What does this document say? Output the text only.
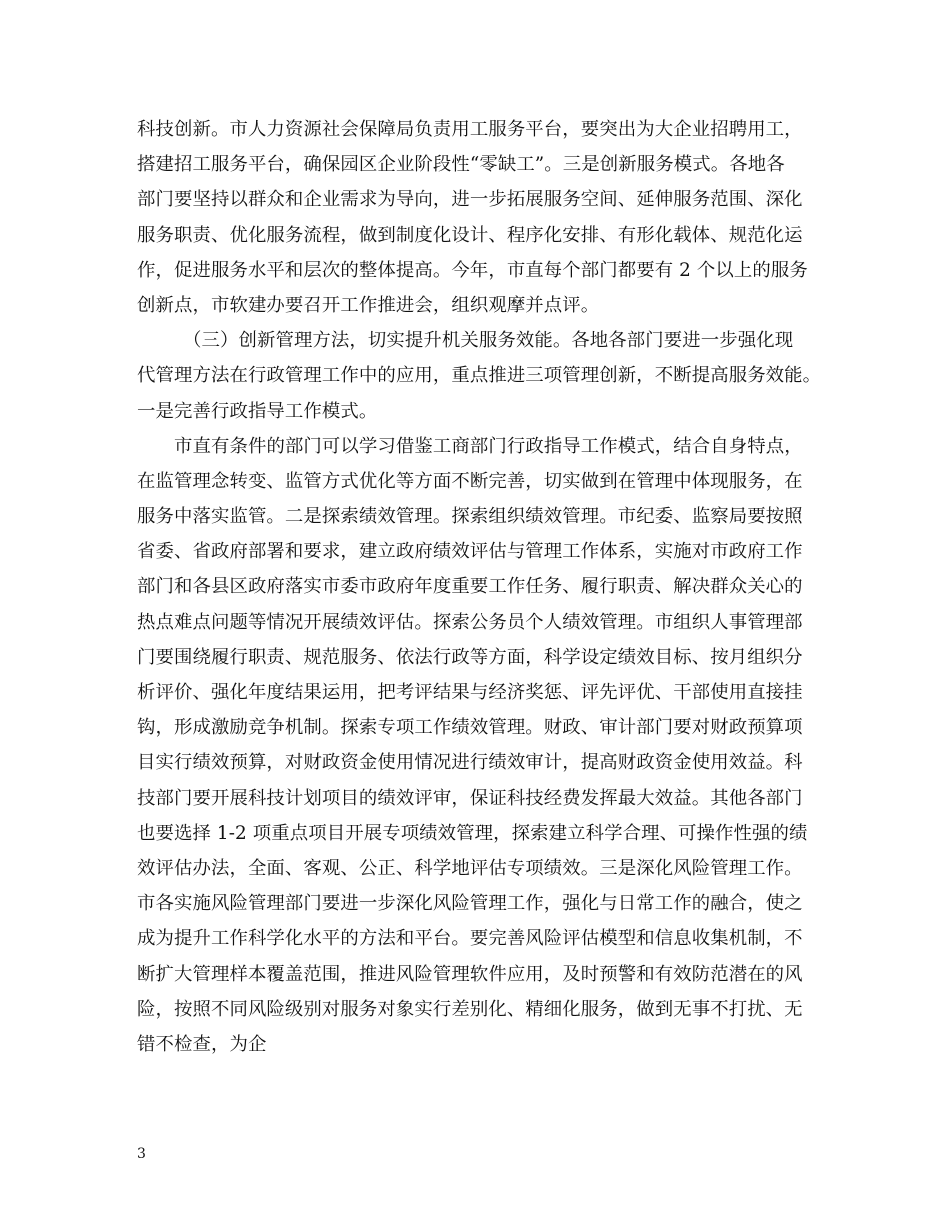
科技创新。市人力资源社会保障局负责用工服务平台，要突出为大企业招聘用工，
搭建招工服务平台，确保园区企业阶段性“零缺工”。三是创新服务模式。各地各
部门要坚持以群众和企业需求为导向，进一步拓展服务空间、延伸服务范围、深化
服务职责、优化服务流程，做到制度化设计、程序化安排、有形化载体、规范化运
作，促进服务水平和层次的整体提高。今年，市直每个部门都要有 2 个以上的服务
创新点，市软建办要召开工作推进会，组织观摩并点评。
（三）创新管理方法，切实提升机关服务效能。各地各部门要进一步强化现
代管理方法在行政管理工作中的应用，重点推进三项管理创新，不断提高服务效能。
一是完善行政指导工作模式。
市直有条件的部门可以学习借鉴工商部门行政指导工作模式，结合自身特点，
在监管理念转变、监管方式优化等方面不断完善，切实做到在管理中体现服务，在
服务中落实监管。二是探索绩效管理。探索组织绩效管理。市纪委、监察局要按照
省委、省政府部署和要求，建立政府绩效评估与管理工作体系，实施对市政府工作
部门和各县区政府落实市委市政府年度重要工作任务、履行职责、解决群众关心的
热点难点问题等情况开展绩效评估。探索公务员个人绩效管理。市组织人事管理部
门要围绕履行职责、规范服务、依法行政等方面，科学设定绩效目标、按月组织分
析评价、强化年度结果运用，把考评结果与经济奖惩、评先评优、干部使用直接挂
钩，形成激励竞争机制。探索专项工作绩效管理。财政、审计部门要对财政预算项
目实行绩效预算，对财政资金使用情况进行绩效审计，提高财政资金使用效益。科
技部门要开展科技计划项目的绩效评审，保证科技经费发挥最大效益。其他各部门
也要选择 1-2 项重点项目开展专项绩效管理，探索建立科学合理、可操作性强的绩
效评估办法，全面、客观、公正、科学地评估专项绩效。三是深化风险管理工作。
市各实施风险管理部门要进一步深化风险管理工作，强化与日常工作的融合，使之
成为提升工作科学化水平的方法和平台。要完善风险评估模型和信息收集机制，不
断扩大管理样本覆盖范围，推进风险管理软件应用，及时预警和有效防范潜在的风
险，按照不同风险级别对服务对象实行差别化、精细化服务，做到无事不打扰、无
错不检查，为企
3
